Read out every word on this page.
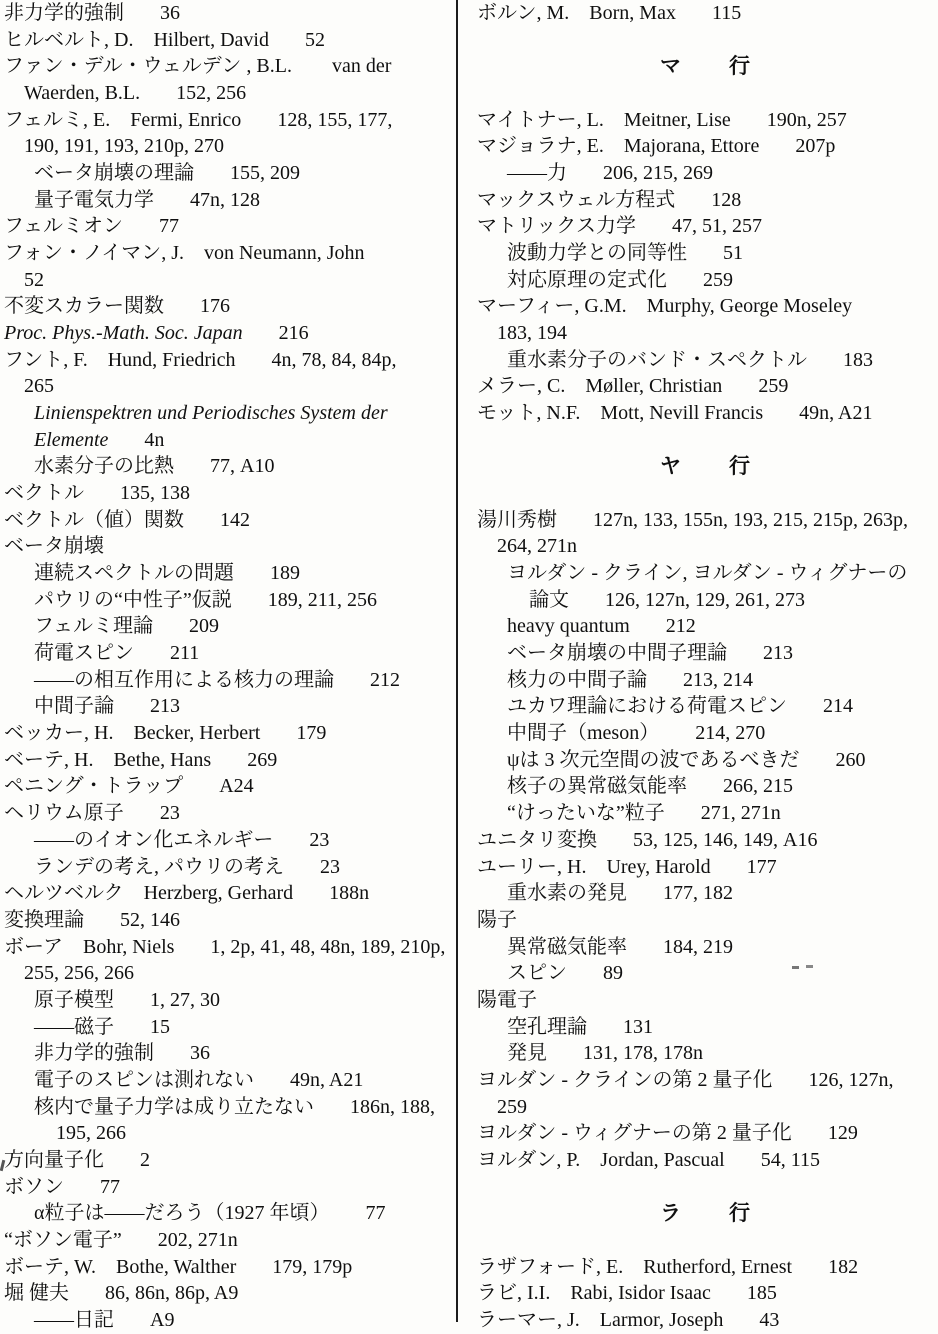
非力学的強制 36
ヒルベルト, D.　Hilbert, David 52
ファン・デル・ウェルデン , B.L.　　van der
Waerden, B.L. 152, 256
フェルミ, E.　Fermi, Enrico 128, 155, 177,
190, 191, 193, 210p, 270
ベータ崩壊の理論 155, 209
量子電気力学 47n, 128
フェルミオン 77
フォン・ノイマン, J.　von Neumann, John
52
不変スカラー関数 176
Proc. Phys.-Math. Soc. Japan 216
フント, F.　Hund, Friedrich 4n, 78, 84, 84p,
265
Linienspektren und Periodisches System der
Elemente 4n
水素分子の比熱 77, A10
ベクトル 135, 138
ベクトル（値）関数 142
ベータ崩壊
連続スペクトルの問題 189
パウリの“中性子”仮説 189, 211, 256
フェルミ理論 209
荷電スピン 211
——の相互作用による核力の理論 212
中間子論 213
ベッカー, H.　Becker, Herbert 179
ベーテ, H.　Bethe, Hans 269
ペニング・トラップ A24
ヘリウム原子 23
——のイオン化エネルギー 23
ランデの考え, パウリの考え 23
ヘルツベルク　Herzberg, Gerhard 188n
変換理論 52, 146
ボーア　Bohr, Niels 1, 2p, 41, 48, 48n, 189, 210p,
255, 256, 266
原子模型 1, 27, 30
——磁子 15
非力学的強制 36
電子のスピンは測れない 49n, A21
核内で量子力学は成り立たない 186n, 188,
195, 266
方向量子化 2
ボソン 77
α粒子は——だろう（1927 年頃） 77
“ボソン電子” 202, 271n
ボーテ, W.　Bothe, Walther 179, 179p
堀 健夫 86, 86n, 86p, A9
——日記 A9
ボルン, M.　Born, Max 115
マ　　行
マイトナー, L.　Meitner, Lise 190n, 257
マジョラナ, E.　Majorana, Ettore 207p
——力 206, 215, 269
マックスウェル方程式 128
マトリックス力学 47, 51, 257
波動力学との同等性 51
対応原理の定式化 259
マーフィー, G.M.　Murphy, George Moseley
183, 194
重水素分子のバンド・スペクトル 183
メラー, C.　Møller, Christian 259
モット, N.F.　Mott, Nevill Francis 49n, A21
ヤ　　行
湯川秀樹 127n, 133, 155n, 193, 215, 215p, 263p,
264, 271n
ヨルダン - クライン, ヨルダン - ウィグナーの
論文 126, 127n, 129, 261, 273
heavy quantum 212
ベータ崩壊の中間子理論 213
核力の中間子論 213, 214
ユカワ理論における荷電スピン 214
中間子（meson） 214, 270
ψは 3 次元空間の波であるべきだ 260
核子の異常磁気能率 266, 215
“けったいな”粒子 271, 271n
ユニタリ変換 53, 125, 146, 149, A16
ユーリー, H.　Urey, Harold 177
重水素の発見 177, 182
陽子
異常磁気能率 184, 219
スピン 89
陽電子
空孔理論 131
発見 131, 178, 178n
ヨルダン - クラインの第 2 量子化 126, 127n,
259
ヨルダン - ウィグナーの第 2 量子化 129
ヨルダン, P.　Jordan, Pascual 54, 115
ラ　　行
ラザフォード, E.　Rutherford, Ernest 182
ラビ, I.I.　Rabi, Isidor Isaac 185
ラーマー, J.　Larmor, Joseph 43
